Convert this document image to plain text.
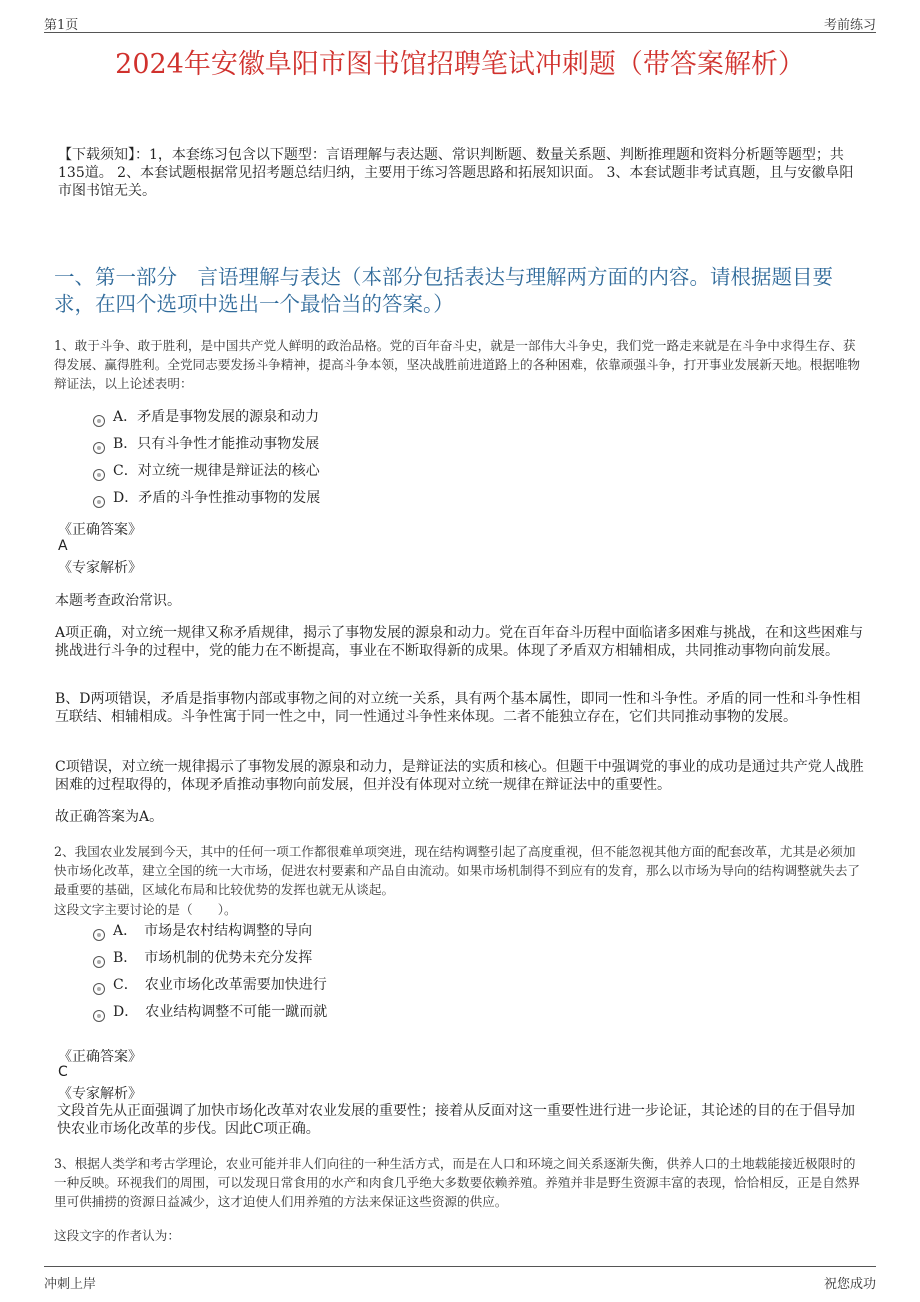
第1页	考前练习
2024年安徽阜阳市图书馆招聘笔试冲刺题（带答案解析）
【下载须知】：1，本套练习包含以下题型：言语理解与表达题、常识判断题、数量关系题、判断推理题和资料分析题等题型；共135道。 2、本套试题根据常见招考题总结归纳，主要用于练习答题思路和拓展知识面。 3、本套试题非考试真题，且与安徽阜阳市图书馆无关。
一、第一部分　言语理解与表达（本部分包括表达与理解两方面的内容。请根据题目要求，在四个选项中选出一个最恰当的答案。）
1、敢于斗争、敢于胜利，是中国共产党人鲜明的政治品格。党的百年奋斗史，就是一部伟大斗争史，我们党一路走来就是在斗争中求得生存、获得发展、赢得胜利。全党同志要发扬斗争精神，提高斗争本领，坚决战胜前进道路上的各种困难，依靠顽强斗争，打开事业发展新天地。根据唯物辩证法，以上论述表明：
A．矛盾是事物发展的源泉和动力
B．只有斗争性才能推动事物发展
C．对立统一规律是辩证法的核心
D．矛盾的斗争性推动事物的发展
《正确答案》
A
《专家解析》
本题考查政治常识。
A项正确，对立统一规律又称矛盾规律，揭示了事物发展的源泉和动力。党在百年奋斗历程中面临诸多困难与挑战，在和这些困难与挑战进行斗争的过程中，党的能力在不断提高，事业在不断取得新的成果。体现了矛盾双方相辅相成，共同推动事物向前发展。
B、D两项错误，矛盾是指事物内部或事物之间的对立统一关系，具有两个基本属性，即同一性和斗争性。矛盾的同一性和斗争性相互联结、相辅相成。斗争性寓于同一性之中，同一性通过斗争性来体现。二者不能独立存在，它们共同推动事物的发展。
C项错误，对立统一规律揭示了事物发展的源泉和动力，是辩证法的实质和核心。但题干中强调党的事业的成功是通过共产党人战胜困难的过程取得的，体现矛盾推动事物向前发展，但并没有体现对立统一规律在辩证法中的重要性。
故正确答案为A。
2、我国农业发展到今天，其中的任何一项工作都很难单项突进，现在结构调整引起了高度重视，但不能忽视其他方面的配套改革，尤其是必须加快市场化改革，建立全国的统一大市场，促进农村要素和产品自由流动。如果市场机制得不到应有的发育，那么以市场为导向的结构调整就失去了最重要的基础，区域化布局和比较优势的发挥也就无从谈起。
这段文字主要讨论的是（　　）。
A．　市场是农村结构调整的导向
B．　市场机制的优势未充分发挥
C．　农业市场化改革需要加快进行
D．　农业结构调整不可能一蹴而就
《正确答案》
C
《专家解析》
文段首先从正面强调了加快市场化改革对农业发展的重要性；接着从反面对这一重要性进行进一步论证，其论述的目的在于倡导加快农业市场化改革的步伐。因此C项正确。
3、根据人类学和考古学理论，农业可能并非人们向往的一种生活方式，而是在人口和环境之间关系逐渐失衡，供养人口的土地载能接近极限时的一种反映。环视我们的周围，可以发现日常食用的水产和肉食几乎绝大多数要依赖养殖。养殖并非是野生资源丰富的表现，恰恰相反，正是自然界里可供捕捞的资源日益减少，这才迫使人们用养殖的方法来保证这些资源的供应。
这段文字的作者认为：
冲刺上岸	祝您成功
